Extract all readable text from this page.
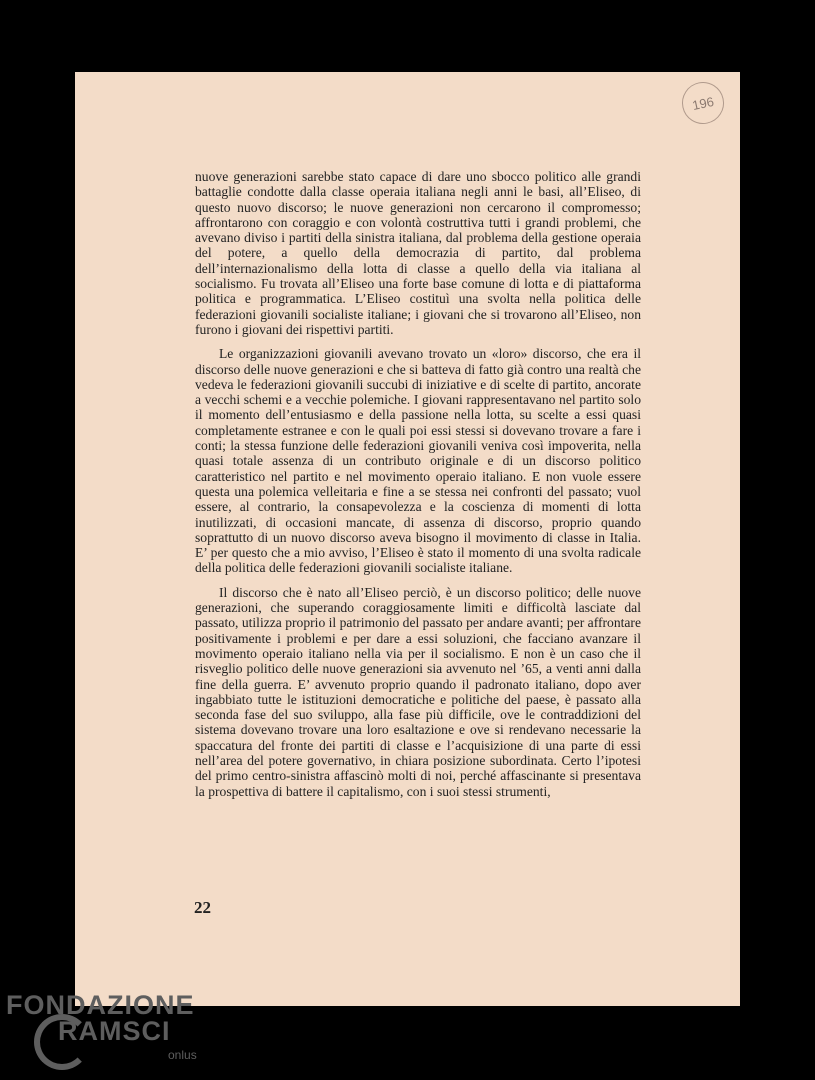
196

nuove generazioni sarebbe stato capace di dare uno sbocco politico alle grandi battaglie condotte dalla classe operaia italiana negli anni le basi, all’Eliseo, di questo nuovo discorso; le nuove generazioni non cercarono il compromesso; affrontarono con coraggio e con volontà costruttiva tutti i grandi problemi, che avevano diviso i partiti della sinistra italiana, dal problema della gestione operaia del potere, a quello della democrazia di partito, dal problema dell’internazionalismo della lotta di classe a quello della via italiana al socialismo. Fu trovata all’Eliseo una forte base comune di lotta e di piattaforma politica e programmatica. L’Eliseo costituì una svolta nella politica delle federazioni giovanili socialiste italiane; i giovani che si trovarono all’Eliseo, non furono i giovani dei rispettivi partiti.

Le organizzazioni giovanili avevano trovato un «loro» discorso, che era il discorso delle nuove generazioni e che si batteva di fatto già contro una realtà che vedeva le federazioni giovanili succubi di iniziative e di scelte di partito, ancorate a vecchi schemi e a vecchie polemiche. I giovani rappresentavano nel partito solo il momento dell’entusiasmo e della passione nella lotta, su scelte a essi quasi completamente estranee e con le quali poi essi stessi si dovevano trovare a fare i conti; la stessa funzione delle federazioni giovanili veniva così impoverita, nella quasi totale assenza di un contributo originale e di un discorso politico caratteristico nel partito e nel movimento operaio italiano. E non vuole essere questa una polemica velleitaria e fine a se stessa nei confronti del passato; vuol essere, al contrario, la consapevolezza e la coscienza di momenti di lotta inutilizzati, di occasioni mancate, di assenza di discorso, proprio quando soprattutto di un nuovo discorso aveva bisogno il movimento di classe in Italia. E’ per questo che a mio avviso, l’Eliseo è stato il momento di una svolta radicale della politica delle federazioni giovanili socialiste italiane.

Il discorso che è nato all’Eliseo perciò, è un discorso politico; delle nuove generazioni, che superando coraggiosamente limiti e difficoltà lasciate dal passato, utilizza proprio il patrimonio del passato per andare avanti; per affrontare positivamente i problemi e per dare a essi soluzioni, che facciano avanzare il movimento operaio italiano nella via per il socialismo. E non è un caso che il risveglio politico delle nuove generazioni sia avvenuto nel ’65, a venti anni dalla fine della guerra. E’ avvenuto proprio quando il padronato italiano, dopo aver ingabbiato tutte le istituzioni democratiche e politiche del paese, è passato alla seconda fase del suo sviluppo, alla fase più difficile, ove le contraddizioni del sistema dovevano trovare una loro esaltazione e ove si rendevano necessarie la spaccatura del fronte dei partiti di classe e l’acquisizione di una parte di essi nell’area del potere governativo, in chiara posizione subordinata. Certo l’ipotesi del primo centro-sinistra affascinò molti di noi, perché affascinante si presentava la prospettiva di battere il capitalismo, con i suoi stessi strumenti,

22
FONDAZIONE
RAMSCI
onlus
